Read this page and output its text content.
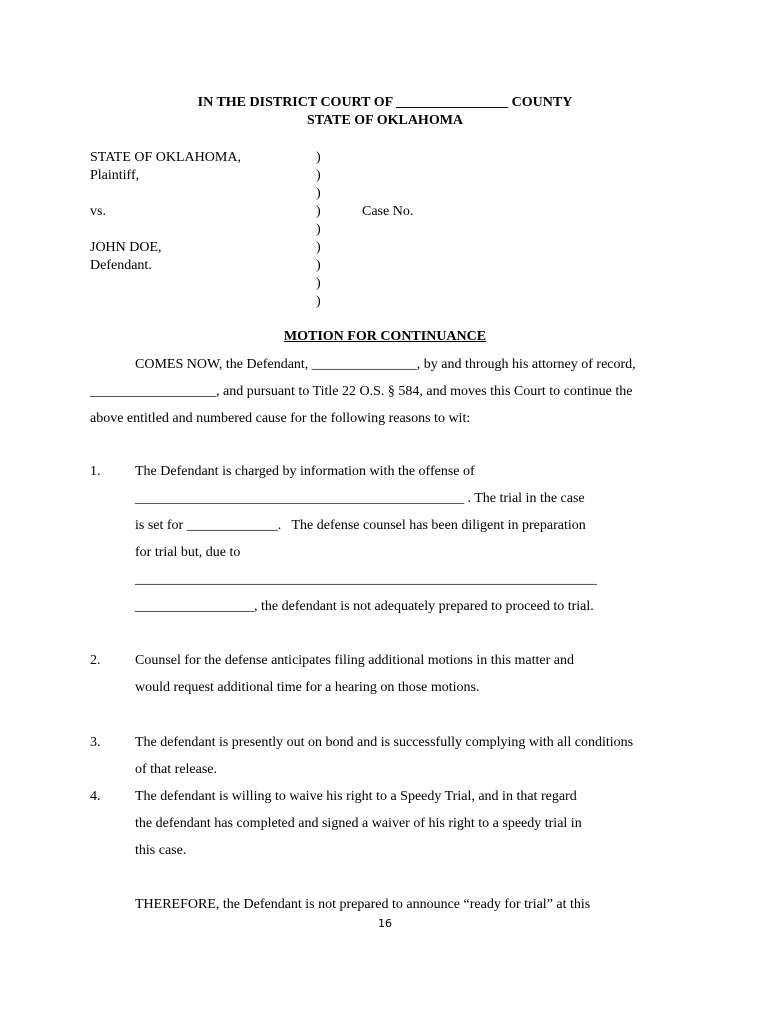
IN THE DISTRICT COURT OF ________________ COUNTY
STATE OF OKLAHOMA
STATE OF OKLAHOMA,
Plaintiff,
vs.
JOHN DOE,
Defendant.
)
)
)
)
)
)
)
)
)
Case No.
MOTION FOR CONTINUANCE
COMES NOW, the Defendant, _______________, by and through his attorney of record,
__________________, and pursuant to Title 22 O.S. § 584, and moves this Court to continue the
above entitled and numbered cause for the following reasons to wit:
1. The Defendant is charged by information with the offense of
_______________________________________________ . The trial in the case
is set for _____________.   The defense counsel has been diligent in preparation
for trial but, due to
__________________________________________________________________
_________________, the defendant is not adequately prepared to proceed to trial.
2. Counsel for the defense anticipates filing additional motions in this matter and
would request additional time for a hearing on those motions.
3. The defendant is presently out on bond and is successfully complying with all conditions
of that release.
4. The defendant is willing to waive his right to a Speedy Trial, and in that regard
the defendant has completed and signed a waiver of his right to a speedy trial in
this case.
THEREFORE, the Defendant is not prepared to announce “ready for trial” at this
16
